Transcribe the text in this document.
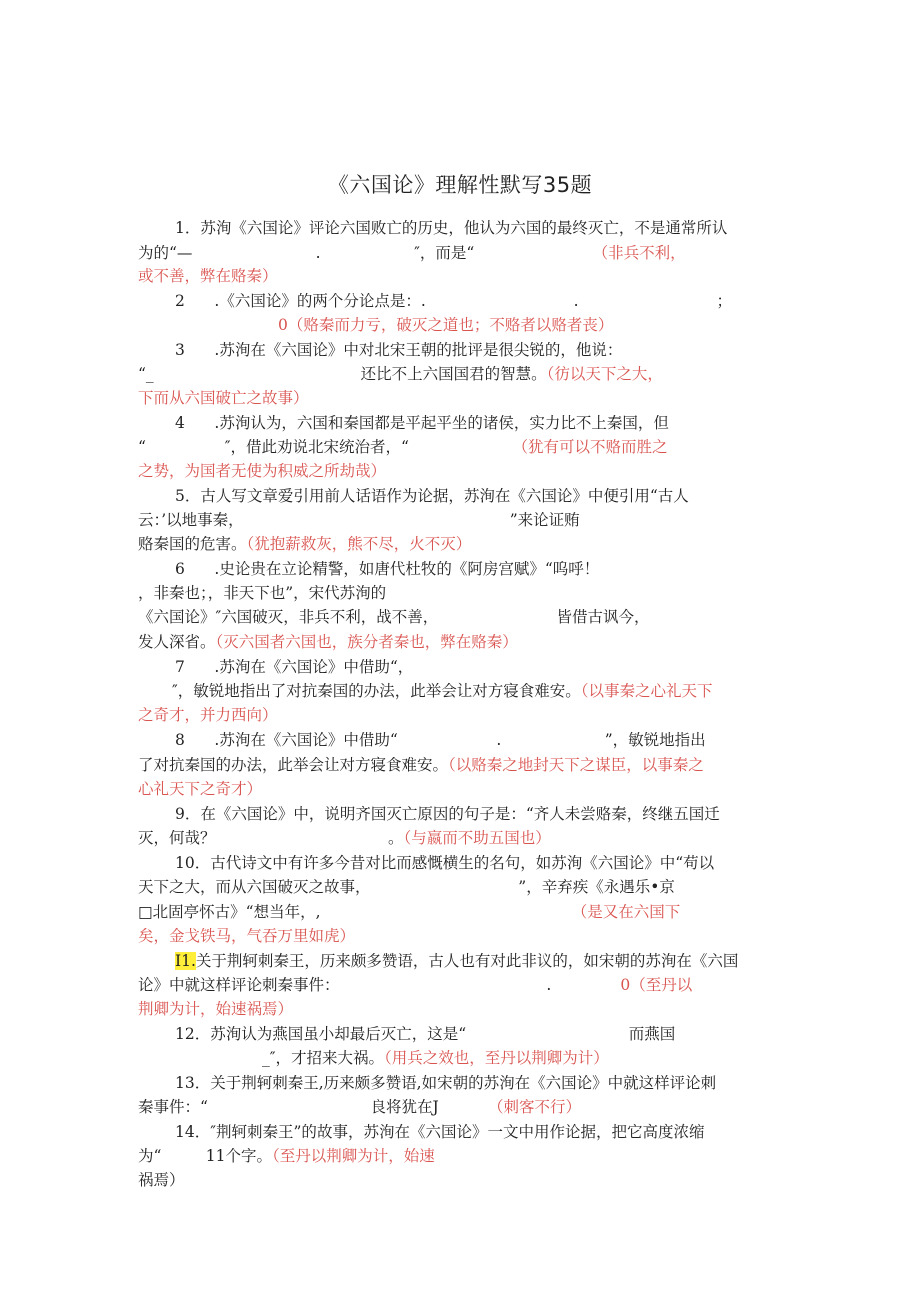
《六国论》理解性默写35题
1．苏洵《六国论》评论六国败亡的历史，他认为六国的最终灭亡，不是通常所认
为的“—                         .                   ″，而是“                        （非兵不利，
或不善，弊在赂秦）
2      .《六国论》的两个分论点是：.                              .                            ；
0（赂秦而力亏，破灭之道也；不赂者以赂者丧）
3      .苏洵在《六国论》中对北宋王朝的批评是很尖锐的，他说：
“_                                          还比不上六国国君的智慧。（彷以天下之大，
下而从六国破亡之故事）
4      .苏洵认为，六国和秦国都是平起平坐的诸侯，实力比不上秦国，但
“                ″，借此劝说北宋统治者，“                     （犹有可以不赂而胜之
之势，为国者无使为积威之所劫哉）
5．古人写文章爱引用前人话语作为论据，苏洵在《六国论》中便引用“古人
云：’以地事秦，                                                      ”来论证贿
赂秦国的危害。（犹抱薪救灰，熊不尽，火不灭）
6      .史论贵在立论精警，如唐代杜牧的《阿房宫赋》“呜呼！
，非秦也；，非天下也”，宋代苏洵的
《六国论》″六国破灭，非兵不利，战不善，                        皆借古讽今，
发人深省。（灭六国者六国也，族分者秦也，弊在赂秦）
7      .苏洵在《六国论》中借助“，
″，敏锐地指出了对抗秦国的办法，此举会让对方寝食难安。（以事秦之心礼天下
之奇才，并力西向）
8      .苏洵在《六国论》中借助“                    .                     ”，敏锐地指出
了对抗秦国的办法，此举会让对方寝食难安。（以赂秦之地封天下之谋臣，以事秦之
心礼天下之奇才）
9．在《六国论》中，说明齐国灭亡原因的句子是：“齐人未尝赂秦，终继五国迁
灭，何哉？                                   。（与嬴而不助五国也）
10．古代诗文中有许多今昔对比而感慨横生的名句，如苏洵《六国论》中“苟以
天下之大，而从六国破灭之故事，                              ”，辛弃疾《永遇乐•京
□北固亭怀古》“想当年，,                                                   （是又在六国下
矣，金戈铁马，气吞万里如虎）
I1.关于荆轲刺秦王，历来颇多赞语，古人也有对此非议的，如宋朝的苏洵在《六国
论》中就这样评论刺秦事件：                                          .              0（至丹以
荆卿为计，始速祸焉）
12．苏洵认为燕国虽小却最后灭亡，这是“                                 而燕国
_″，才招来大祸。（用兵之效也，至丹以荆卿为计）
13．关于荆轲刺秦王,历来颇多赞语,如宋朝的苏洵在《六国论》中就这样评论刺
秦事件：“                                 良将犹在J          （刺客不行）
14．″荆轲刺秦王”的故事，苏洵在《六国论》一文中用作论据，把它高度浓缩
为“         11个字。（至丹以荆卿为计，始速
祸焉）
